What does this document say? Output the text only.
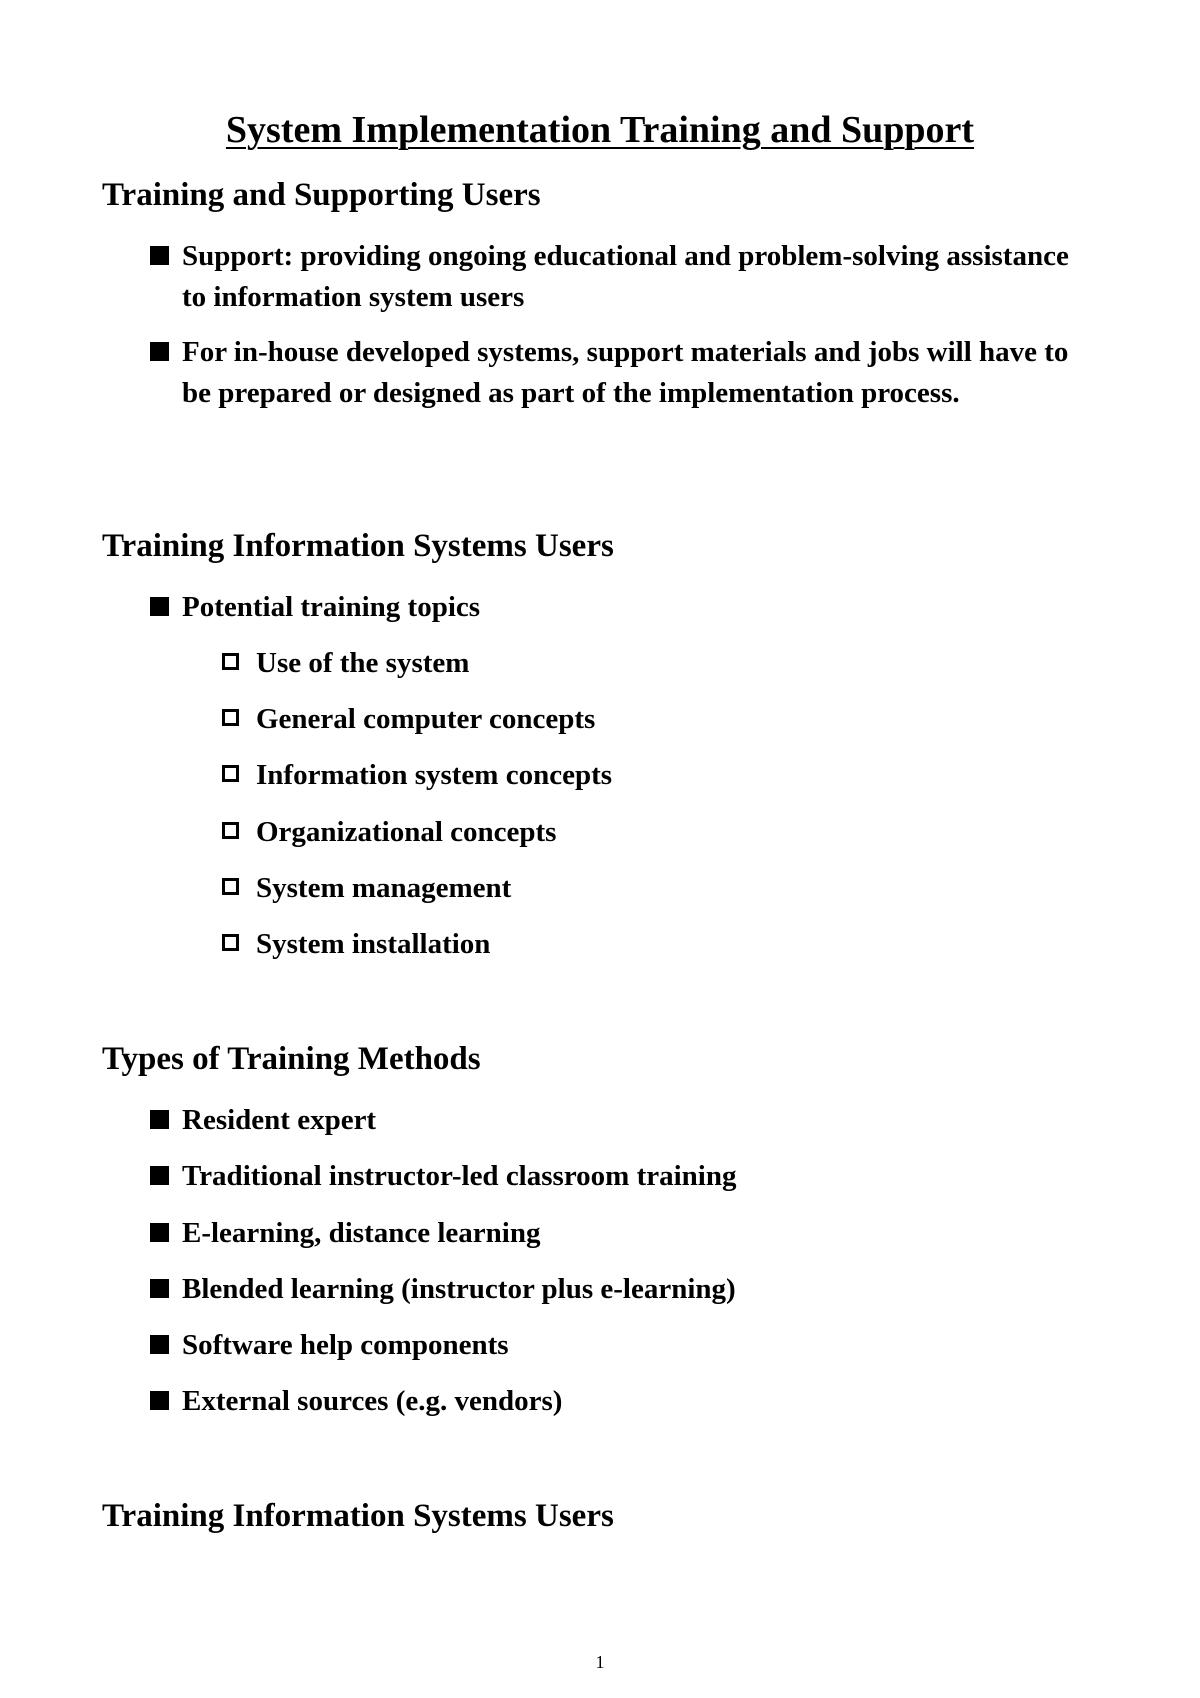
System Implementation Training and Support
Training and Supporting Users
Support: providing ongoing educational and problem-solving assistance to information system users
For in-house developed systems, support materials and jobs will have to be prepared or designed as part of the implementation process.
Training Information Systems Users
Potential training topics
Use of the system
General computer concepts
Information system concepts
Organizational concepts
System management
System installation
Types of Training Methods
Resident expert
Traditional instructor-led classroom training
E-learning, distance learning
Blended learning (instructor plus e-learning)
Software help components
External sources (e.g. vendors)
Training Information Systems Users
1
